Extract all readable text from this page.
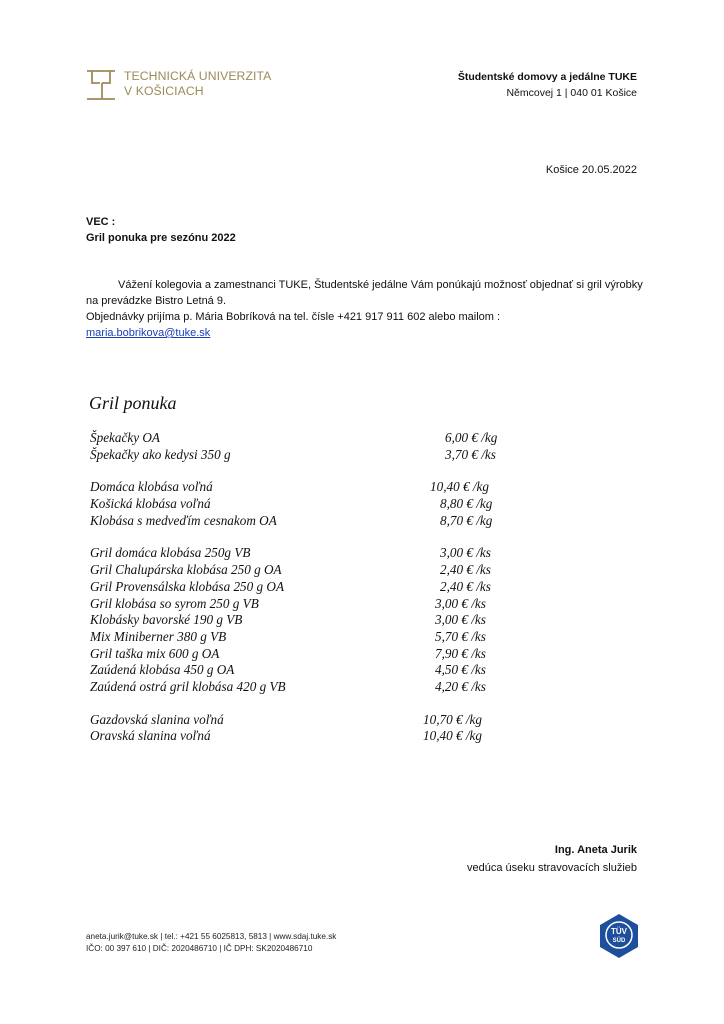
TECHNICKÁ UNIVERZITA
V KOŠICIACH
Študentské domovy a jedálne TUKE
Němcovej 1 | 040 01 Košice
Košice 20.05.2022
VEC :
Gril ponuka pre sezónu 2022

Vážení kolegovia a zamestnanci TUKE, Študentské jedálne Vám ponúkajú možnosť objednať si gril výrobky na prevádzke Bistro Letná 9.

Objednávky prijíma p. Mária Bobríková na tel. čísle +421 917 911 602 alebo mailom :

maria.bobrikova@tuke.sk

Gril ponuka
Špekačky OA	6,00 € /kg
Špekačky ako kedysi 350 g	3,70 € /ks
Domáca klobása voľná	10,40 € /kg
Košická klobása voľná	8,80 € /kg
Klobása s medveďím cesnakom OA	8,70 € /kg
Gril domáca klobása 250g VB	3,00 € /ks
Gril Chalupárska klobása 250 g OA	2,40 € /ks
Gril Provensálska klobása 250 g OA	2,40 € /ks
Gril klobása so syrom 250 g VB	3,00 € /ks
Klobásky bavorské 190 g VB	3,00 € /ks
Mix Miniberner 380 g VB	5,70 € /ks
Gril taška mix 600 g OA	7,90 € /ks
Zaúdená klobása 450 g OA	4,50 € /ks
Zaúdená ostrá gril klobása 420 g VB	4,20 € /ks
Gazdovská slanina voľná	10,70 € /kg
Oravská slanina voľná	10,40 € /kg
Ing. Aneta Jurik
vedúca úseku stravovacích služieb
aneta.jurik@tuke.sk | tel.: +421 55 6025813, 5813 | www.sdaj.tuke.sk
IČO: 00 397 610 | DIČ: 2020486710 | IČ DPH: SK2020486710
TÜV
SÜD
